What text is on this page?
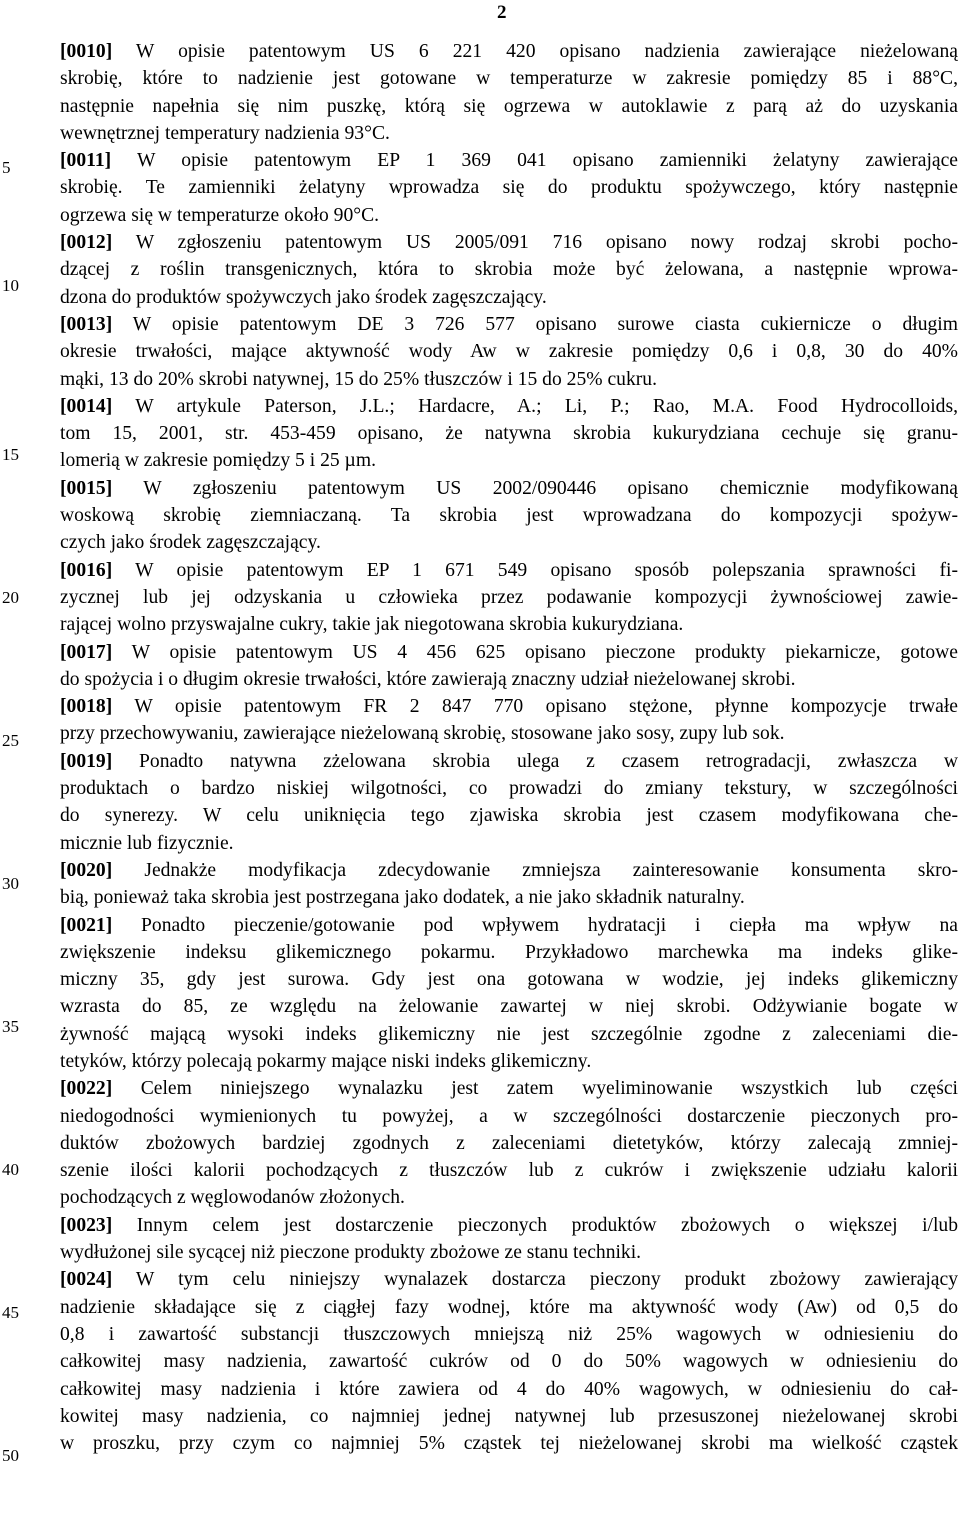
2
5
10
15
20
25
30
35
40
45
50
[0010] W opisie patentowym US 6 221 420 opisano nadzienia zawierające nieżelowaną
skrobię, które to nadzienie jest gotowane w temperaturze w zakresie pomiędzy 85 i 88°C,
następnie napełnia się nim puszkę, którą się ogrzewa w autoklawie z parą aż do uzyskania
wewnętrznej temperatury nadzienia 93°C.
[0011] W opisie patentowym EP 1 369 041 opisano zamienniki żelatyny zawierające
skrobię. Te zamienniki żelatyny wprowadza się do produktu spożywczego, który następnie
ogrzewa się w temperaturze około 90°C.
[0012] W zgłoszeniu patentowym US 2005/091 716 opisano nowy rodzaj skrobi pocho-
dzącej z roślin transgenicznych, która to skrobia może być żelowana, a następnie wprowa-
dzona do produktów spożywczych jako środek zagęszczający.
[0013] W opisie patentowym DE 3 726 577 opisano surowe ciasta cukiernicze o długim
okresie trwałości, mające aktywność wody Aw w zakresie pomiędzy 0,6 i 0,8, 30 do 40%
mąki, 13 do 20% skrobi natywnej, 15 do 25% tłuszczów i 15 do 25% cukru.
[0014] W artykule Paterson, J.L.; Hardacre, A.; Li, P.; Rao, M.A. Food Hydrocolloids,
tom 15, 2001, str. 453-459 opisano, że natywna skrobia kukurydziana cechuje się granu-
lomerią w zakresie pomiędzy 5 i 25 µm.
[0015] W zgłoszeniu patentowym US 2002/090446 opisano chemicznie modyfikowaną
woskową skrobię ziemniaczaną. Ta skrobia jest wprowadzana do kompozycji spożyw-
czych jako środek zagęszczający.
[0016] W opisie patentowym EP 1 671 549 opisano sposób polepszania sprawności fi-
zycznej lub jej odzyskania u człowieka przez podawanie kompozycji żywnościowej zawie-
rającej wolno przyswajalne cukry, takie jak niegotowana skrobia kukurydziana.
[0017] W opisie patentowym US 4 456 625 opisano pieczone produkty piekarnicze, gotowe
do spożycia i o długim okresie trwałości, które zawierają znaczny udział nieżelowanej skrobi.
[0018] W opisie patentowym FR 2 847 770 opisano stężone, płynne kompozycje trwałe
przy przechowywaniu, zawierające nieżelowaną skrobię, stosowane jako sosy, zupy lub sok.
[0019] Ponadto natywna zżelowana skrobia ulega z czasem retrogradacji, zwłaszcza w
produktach o bardzo niskiej wilgotności, co prowadzi do zmiany tekstury, w szczególności
do synerezy. W celu uniknięcia tego zjawiska skrobia jest czasem modyfikowana che-
micznie lub fizycznie.
[0020] Jednakże modyfikacja zdecydowanie zmniejsza zainteresowanie konsumenta skro-
bią, ponieważ taka skrobia jest postrzegana jako dodatek, a nie jako składnik naturalny.
[0021] Ponadto pieczenie/gotowanie pod wpływem hydratacji i ciepła ma wpływ na
zwiększenie indeksu glikemicznego pokarmu. Przykładowo marchewka ma indeks glike-
miczny 35, gdy jest surowa. Gdy jest ona gotowana w wodzie, jej indeks glikemiczny
wzrasta do 85, ze względu na żelowanie zawartej w niej skrobi. Odżywianie bogate w
żywność mającą wysoki indeks glikemiczny nie jest szczególnie zgodne z zaleceniami die-
tetyków, którzy polecają pokarmy mające niski indeks glikemiczny.
[0022] Celem niniejszego wynalazku jest zatem wyeliminowanie wszystkich lub części
niedogodności wymienionych tu powyżej, a w szczególności dostarczenie pieczonych pro-
duktów zbożowych bardziej zgodnych z zaleceniami dietetyków, którzy zalecają zmniej-
szenie ilości kalorii pochodzących z tłuszczów lub z cukrów i zwiększenie udziału kalorii
pochodzących z węglowodanów złożonych.
[0023] Innym celem jest dostarczenie pieczonych produktów zbożowych o większej i/lub
wydłużonej sile sycącej niż pieczone produkty zbożowe ze stanu techniki.
[0024] W tym celu niniejszy wynalazek dostarcza pieczony produkt zbożowy zawierający
nadzienie składające się z ciągłej fazy wodnej, które ma aktywność wody (Aw) od 0,5 do
0,8 i zawartość substancji tłuszczowych mniejszą niż 25% wagowych w odniesieniu do
całkowitej masy nadzienia, zawartość cukrów od 0 do 50% wagowych w odniesieniu do
całkowitej masy nadzienia i które zawiera od 4 do 40% wagowych, w odniesieniu do cał-
kowitej masy nadzienia, co najmniej jednej natywnej lub przesuszonej nieżelowanej skrobi
w proszku, przy czym co najmniej 5% cząstek tej nieżelowanej skrobi ma wielkość cząstek
